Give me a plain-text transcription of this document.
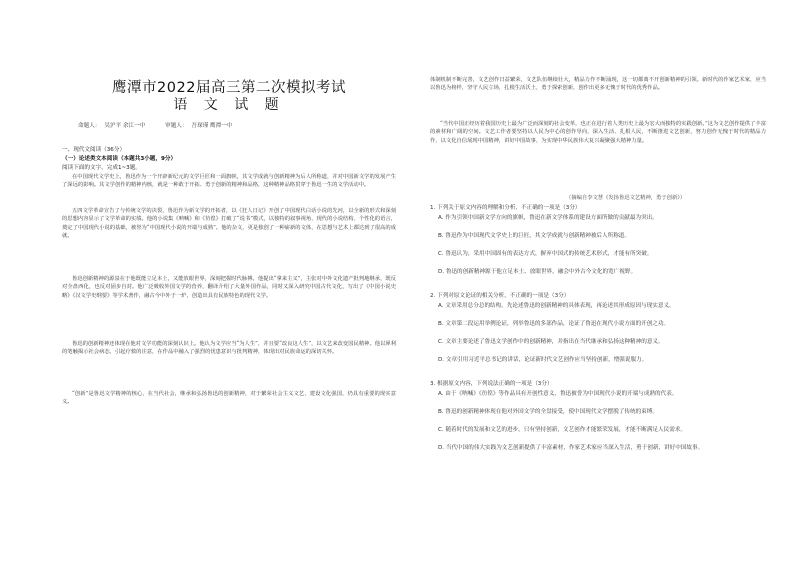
鹰潭市2022届高三第二次模拟考试
语 文 试 题
命题人： 吴沪平 余江一中	审题人： 吾琛瑾 鹰潭一中
一、现代文阅读（36分）
（一）论述类文本阅读（本题共3小题，9分）
阅读下面的文字，完成1~3题。
在中国现代文学史上，鲁迅作为一个开辟新纪元的文学巨匠和一面旗帜，其文学成就与创新精神为后人所称道，并对中国新文学的发展产生了深远的影响。其文学创作的精神内核，就是一种敢于开拓、勇于创新的精神和品格，这种精神品格贯穿于鲁迅一生的文学活动中。
五四文学革命宣告了与传统文学的决裂，鲁迅作为新文学的开拓者，以《狂人日记》开创了中国现代白话小说的先河，以全新的形式和深刻的思想内容显示了文学革命的实绩。他的小说集《呐喊》和《彷徨》打破了“说书”模式，以独特的叙事视角、现代的小说结构、个性化的语言，奠定了中国现代小说的基础，被誉为“中国现代小说的开端与成熟”。他的杂文，更是独创了一种崭新的文体，在思想与艺术上都达到了很高的成就。
鲁迅创新精神的源泉在于他既能立足本土，又能放眼世界，深刻把握时代脉搏。他提出“拿来主义”，主张对中外文化遗产批判地继承，既反对全盘西化，也反对固步自封。他广泛吸收外国文学的营养，翻译介绍了大量外国作品，同时又深入研究中国古代文化，写出了《中国小说史略》《汉文学史纲要》等学术著作，融古今中外于一炉，创造出具有民族特色的现代文学。
鲁迅的创新精神还体现在他对文学功能的深刻认识上。他认为文学应当“为人生”，并且要“改良这人生”，以文艺来改变国民精神。他以犀利的笔触揭示社会病态，引起疗救的注意，在作品中融入了强烈的忧患意识与批判精神，体现出对民族命运的深切关怀。
“创新”是鲁迅文学精神的核心，在当代社会，继承和弘扬鲁迅的创新精神，对于繁荣社会主义文艺，建设文化强国，仍具有重要的现实意义。
体制机制不断完善，文艺创作日益繁荣，文艺队伍继续壮大，精品力作不断涌现，这一切都离不开创新精神的引领。新时代的作家艺术家，应当以鲁迅为榜样，坚守人民立场，扎根生活沃土，勇于探索创新，创作出更多无愧于时代的优秀作品。
“当代中国正经历着我国历史上最为广泛而深刻的社会变革，也正在进行着人类历史上最为宏大而独特的实践创新。”这为文艺创作提供了丰富的素材和广阔的空间。文艺工作者要坚持以人民为中心的创作导向，深入生活、扎根人民，不断推进文艺创新，努力创作无愧于时代的精品力作，以文化自信展现中国精神，讲好中国故事，为实现中华民族伟大复兴凝聚强大精神力量。
（摘编自李文慧《发扬鲁迅文艺精神，勇于创新》）
1. 下列关于原文内容的理解和分析，不正确的一项是（3分）
A. 作为引领中国新文学方向的旗帜，鲁迅在新文学体系的建设方面所做的贡献最为突出。
B. 鲁迅作为中国现代文学史上的巨匠，其文学成就与创新精神被后人所称道。
C. 鲁迅认为，采用中国固有的表达方式，摒弃中国式的传统艺术形式，才能有所突破。
D. 鲁迅的创新精神源于他立足本土、放眼世界，融会中外古今文化的宽广视野。
2. 下列对原文论证的相关分析，不正确的一项是（3分）
A. 文章采用总分总的结构，先论述鲁迅的创新精神的具体表现，再论述其形成原因与现实意义。
B. 文章第二段运用举例论证，列举鲁迅的多部作品，论证了鲁迅在现代小说方面的开创之功。
C. 文章主要论述了鲁迅文学创作中的创新精神，并指出在当代继承和弘扬这种精神的意义。
D. 文章引用习近平总书记的讲话，论证新时代文艺创作应当坚持创新，增强说服力。
3. 根据原文内容，下列说法正确的一项是（3分）
A. 由于《呐喊》《彷徨》等作品具有开创性意义，鲁迅被誉为中国现代小说的开端与成熟的代表。
B. 鲁迅的创新精神体现在他对外国文学的全盘接受，使中国现代文学摆脱了传统的束缚。
C. 随着时代的发展和文艺的进步，只有坚持创新，文艺创作才能繁荣发展，才能不断满足人民需求。
D. 当代中国的伟大实践为文艺创新提供了丰富素材，作家艺术家应当深入生活，勇于创新，讲好中国故事。
